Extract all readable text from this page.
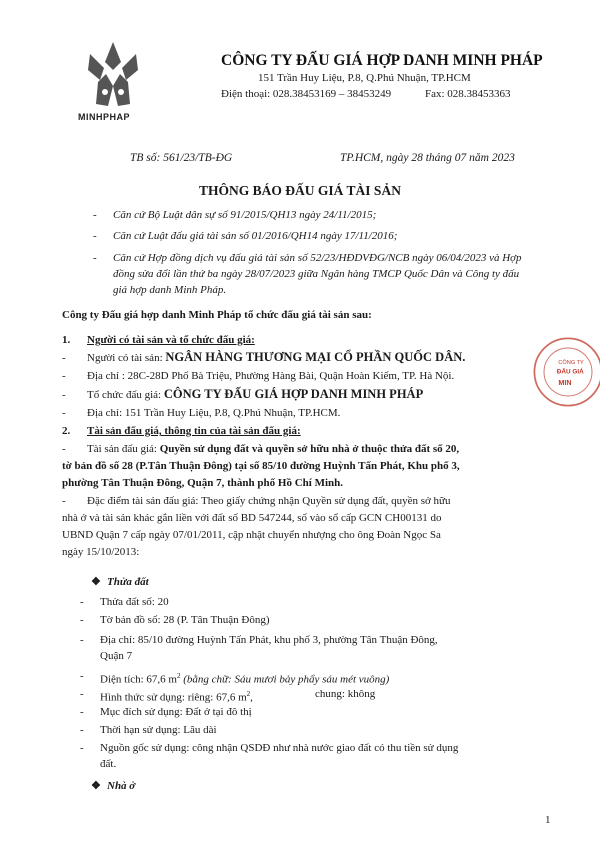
MINHPHAP
CÔNG TY ĐẤU GIÁ HỢP DANH MINH PHÁP
151 Trần Huy Liệu, P.8, Q.Phú Nhuận, TP.HCM
Điện thoại: 028.38453169 – 38453249	Fax: 028.38453363
TB số: 561/23/TB-ĐG	TP.HCM, ngày 28 tháng 07 năm 2023
THÔNG BÁO ĐẤU GIÁ TÀI SẢN
- Căn cứ Bộ Luật dân sự số 91/2015/QH13 ngày 24/11/2015;
- Căn cứ Luật đấu giá tài sản số 01/2016/QH14 ngày 17/11/2016;
- Căn cứ Hợp đồng dịch vụ đấu giá tài sản số 52/23/HĐDVĐG/NCB ngày 06/04/2023 và Hợp
đồng sửa đổi lần thứ ba ngày 28/07/2023 giữa Ngân hàng TMCP Quốc Dân và Công ty đấu
giá hợp danh Minh Pháp.
Công ty Đấu giá hợp danh Minh Pháp tổ chức đấu giá tài sản sau:
1. Người có tài sản và tổ chức đấu giá:
- Người có tài sản: NGÂN HÀNG THƯƠNG MẠI CỔ PHẦN QUỐC DÂN.
- Địa chỉ : 28C-28D Phố Bà Triệu, Phường Hàng Bài, Quận Hoàn Kiếm, TP. Hà Nội.
- Tổ chức đấu giá: CÔNG TY ĐẤU GIÁ HỢP DANH MINH PHÁP
- Địa chỉ: 151 Trần Huy Liệu, P.8, Q.Phú Nhuận, TP.HCM.
2. Tài sản đấu giá, thông tin của tài sản đấu giá:
- Tài sản đấu giá: Quyền sử dụng đất và quyền sở hữu nhà ở thuộc thửa đất số 20,
tờ bản đồ số 28 (P.Tân Thuận Đông) tại số 85/10 đường Huỳnh Tấn Phát, Khu phố 3,
phường Tân Thuận Đông, Quận 7, thành phố Hồ Chí Minh.
- Đặc điểm tài sản đấu giá: Theo giấy chứng nhận Quyền sử dụng đất, quyền sở hữu
nhà ở và tài sản khác gắn liền với đất số BD 547244, số vào sổ cấp GCN CH00131 do
UBND Quận 7 cấp ngày 07/01/2011, cập nhật chuyển nhượng cho ông Đoàn Ngọc Sa
ngày 15/10/2013:
❖ Thửa đất
- Thửa đất số: 20
- Tờ bản đồ số: 28 (P. Tân Thuận Đông)
- Địa chỉ: 85/10 đường Huỳnh Tấn Phát, khu phố 3, phường Tân Thuận Đông,
Quận 7
- Diện tích: 67,6 $m^2$ (bằng chữ: Sáu mươi bảy phẩy sáu mét vuông)
- Hình thức sử dụng: riêng: 67,6 $m^2$,	chung: không
- Mục đích sử dụng: Đất ở tại đô thị
- Thời hạn sử dụng: Lâu dài
- Nguồn gốc sử dụng: công nhận QSDĐ như nhà nước giao đất có thu tiền sử dụng
đất.
❖ Nhà ở
CÔNG TY
ĐẤU GIÁ
MIN
1
